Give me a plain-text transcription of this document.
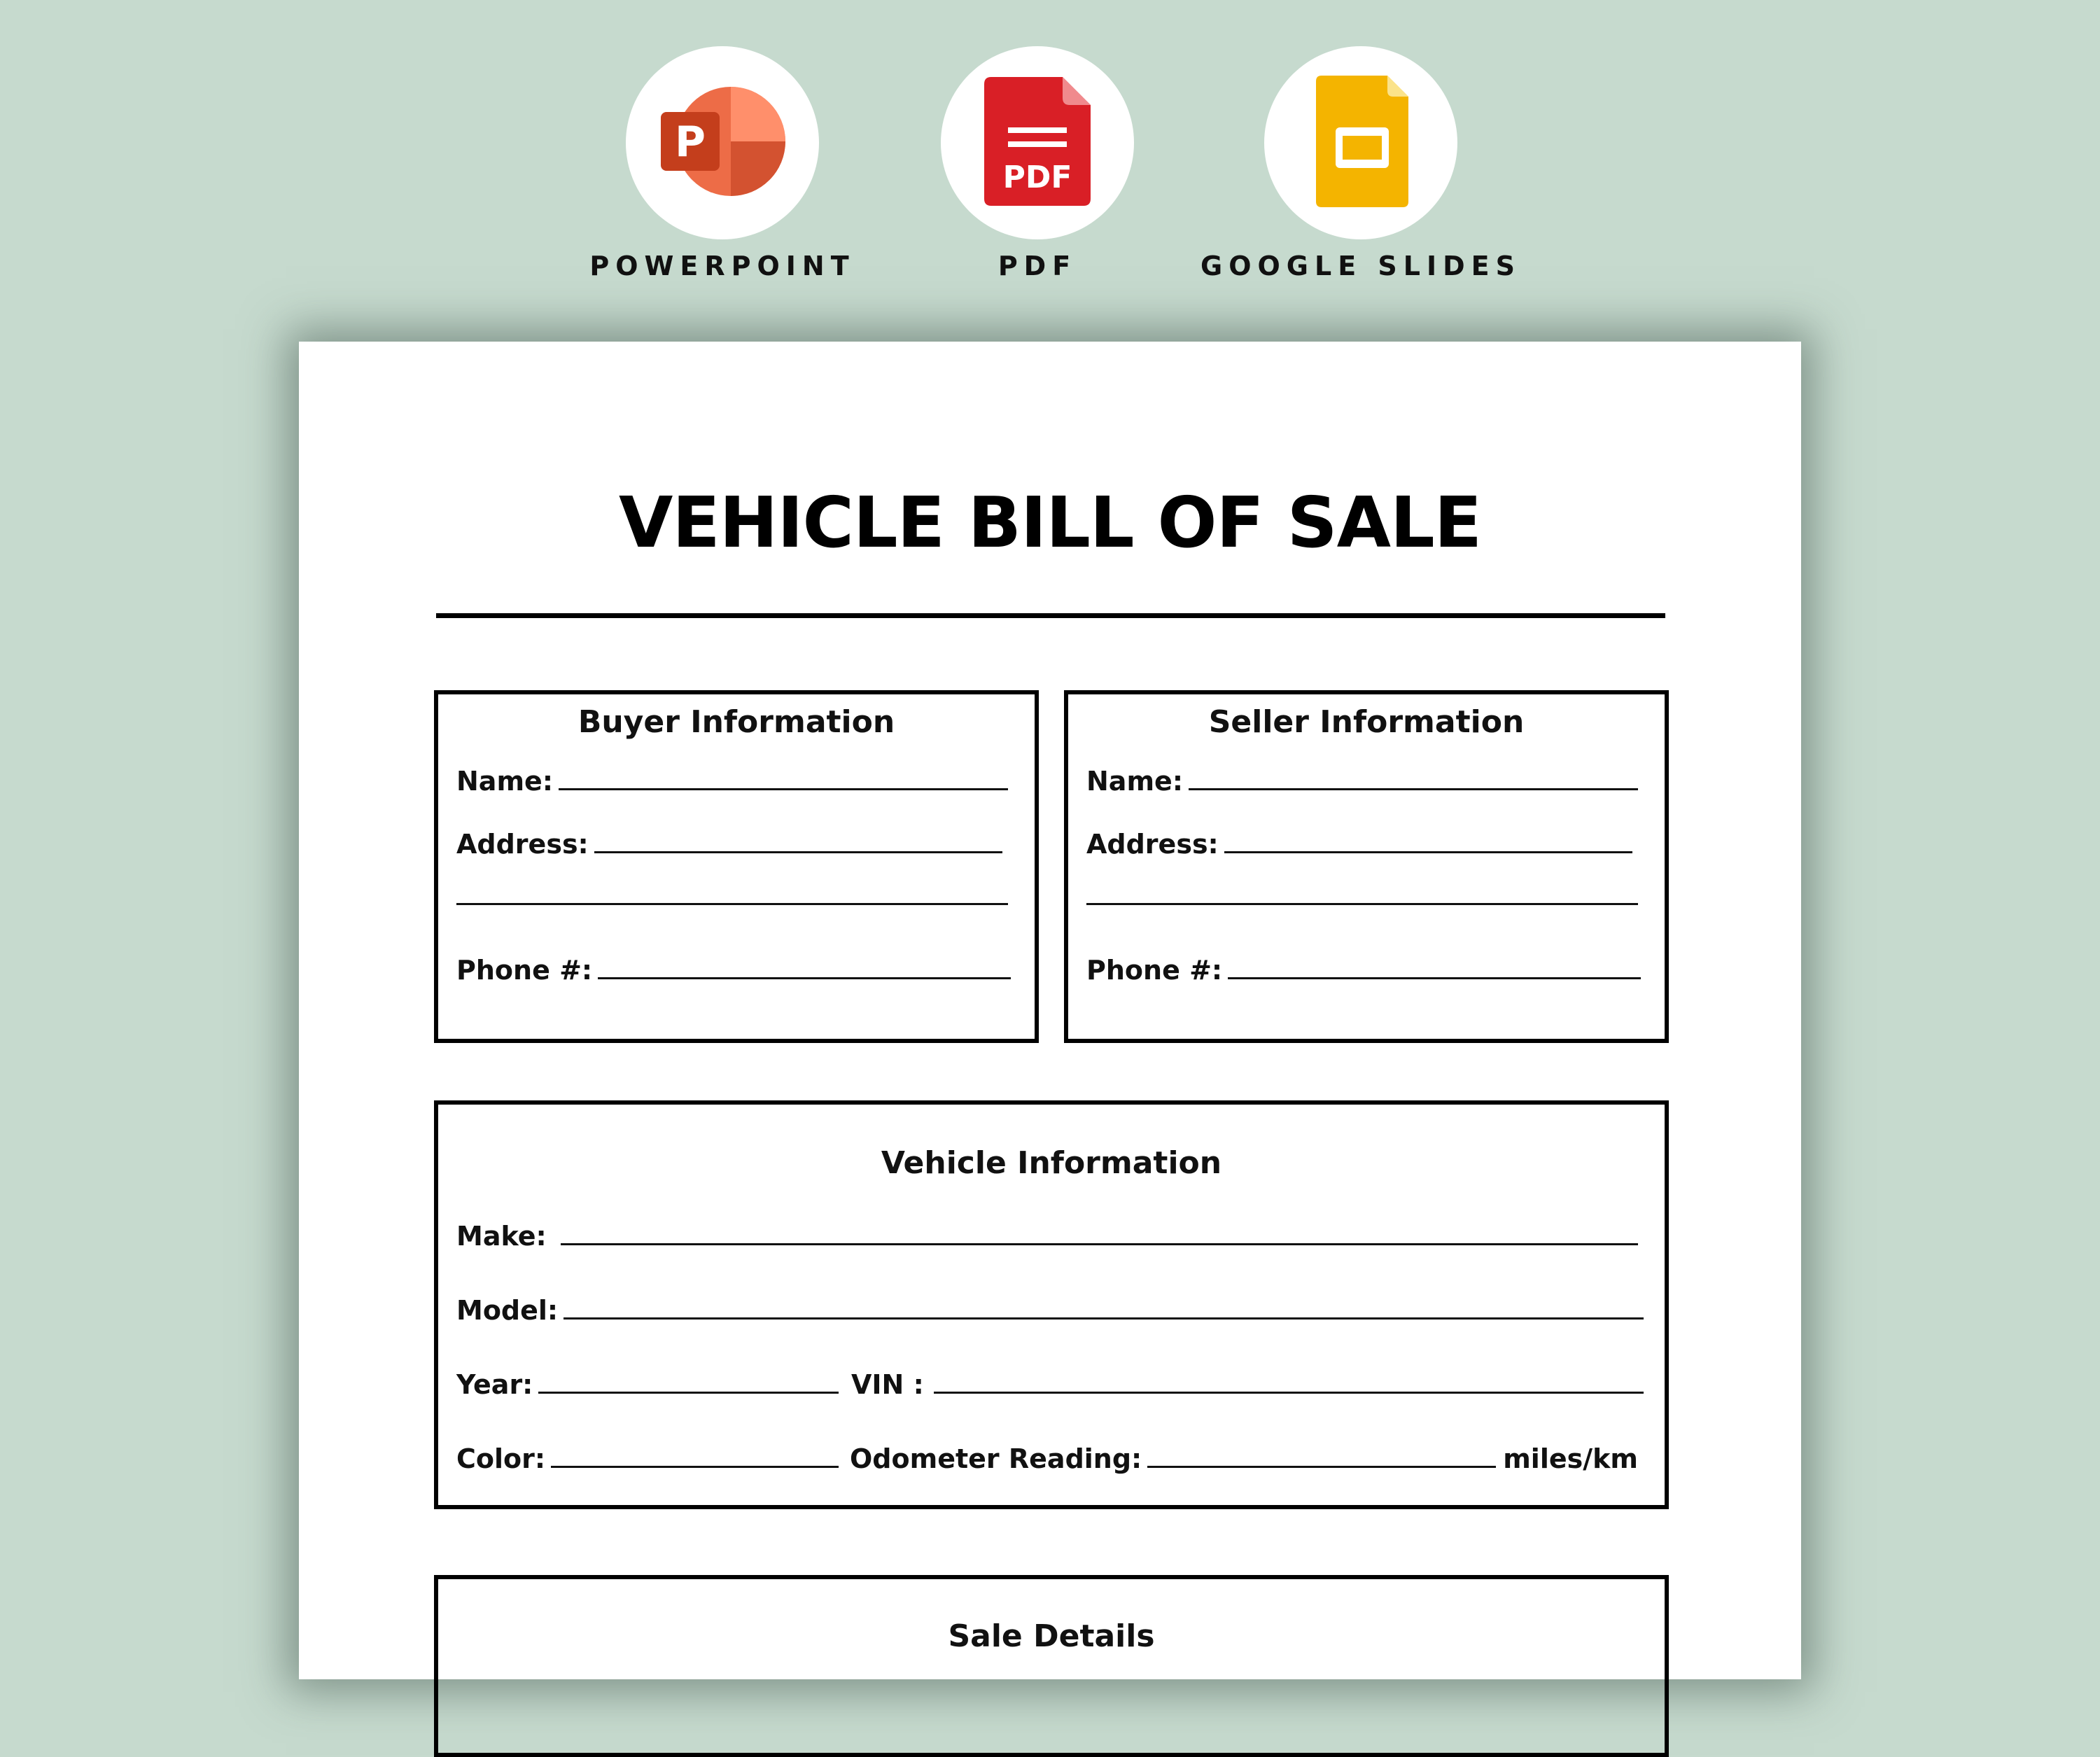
P
POWERPOINT
PDF
PDF	GOOGLE SLIDES
VEHICLE BILL OF SALE
Buyer Information
Name:
Address:
Phone #:
Seller Information
Name:
Address:
Phone #:
Vehicle Information
Make:
Model:
Year:	VIN :
Color:	Odometer Reading:	miles/km
Sale Details
